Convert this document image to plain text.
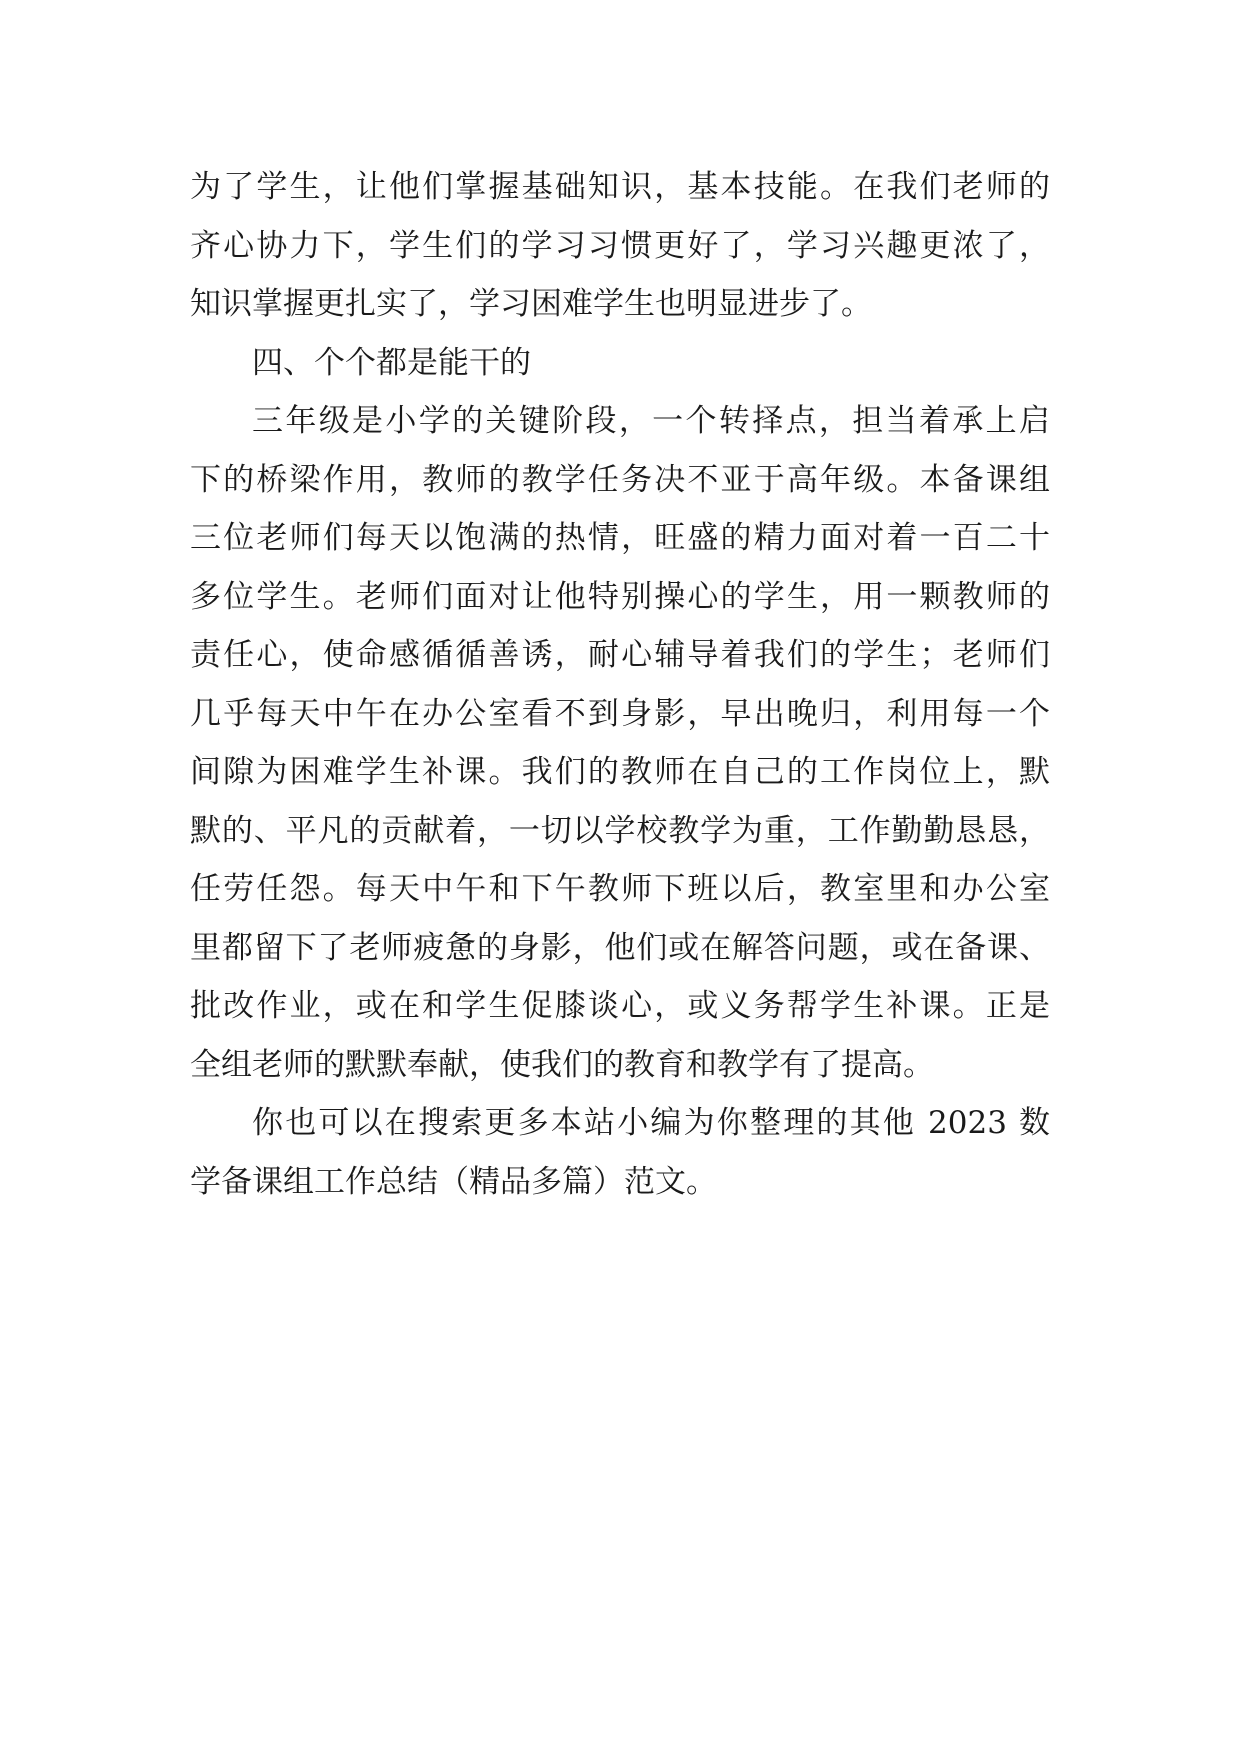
为了学生，让他们掌握基础知识，基本技能。在我们老师的
齐心协力下，学生们的学习习惯更好了，学习兴趣更浓了，
知识掌握更扎实了，学习困难学生也明显进步了。
四、个个都是能干的
三年级是小学的关键阶段，一个转择点，担当着承上启
下的桥梁作用，教师的教学任务决不亚于高年级。本备课组
三位老师们每天以饱满的热情，旺盛的精力面对着一百二十
多位学生。老师们面对让他特别操心的学生，用一颗教师的
责任心，使命感循循善诱，耐心辅导着我们的学生；老师们
几乎每天中午在办公室看不到身影，早出晚归，利用每一个
间隙为困难学生补课。我们的教师在自己的工作岗位上，默
默的、平凡的贡献着，一切以学校教学为重，工作勤勤恳恳，
任劳任怨。每天中午和下午教师下班以后，教室里和办公室
里都留下了老师疲惫的身影，他们或在解答问题，或在备课、
批改作业，或在和学生促膝谈心，或义务帮学生补课。正是
全组老师的默默奉献，使我们的教育和教学有了提高。
你也可以在搜索更多本站小编为你整理的其他 2023 数
学备课组工作总结（精品多篇）范文。
